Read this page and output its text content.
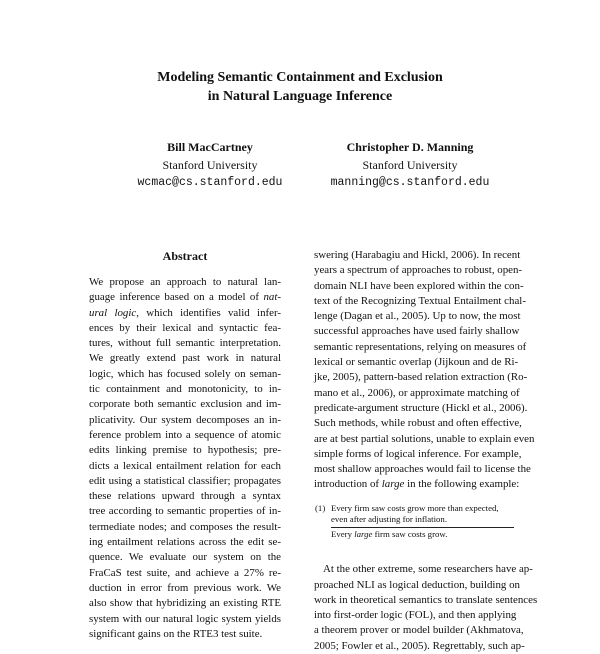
Modeling Semantic Containment and Exclusion
in Natural Language Inference
Bill MacCartney
Stanford University
wcmac@cs.stanford.edu
Christopher D. Manning
Stanford University
manning@cs.stanford.edu
Abstract
We propose an approach to natural lan-
guage inference based on a model of nat-
ural logic, which identifies valid infer-
ences by their lexical and syntactic fea-
tures, without full semantic interpretation.
We greatly extend past work in natural
logic, which has focused solely on seman-
tic containment and monotonicity, to in-
corporate both semantic exclusion and im-
plicativity. Our system decomposes an in-
ference problem into a sequence of atomic
edits linking premise to hypothesis; pre-
dicts a lexical entailment relation for each
edit using a statistical classifier; propagates
these relations upward through a syntax
tree according to semantic properties of in-
termediate nodes; and composes the result-
ing entailment relations across the edit se-
quence. We evaluate our system on the
FraCaS test suite, and achieve a 27% re-
duction in error from previous work. We
also show that hybridizing an existing RTE
system with our natural logic system yields
significant gains on the RTE3 test suite.
swering (Harabagiu and Hickl, 2006). In recent
years a spectrum of approaches to robust, open-
domain NLI have been explored within the con-
text of the Recognizing Textual Entailment chal-
lenge (Dagan et al., 2005). Up to now, the most
successful approaches have used fairly shallow
semantic representations, relying on measures of
lexical or semantic overlap (Jijkoun and de Ri-
jke, 2005), pattern-based relation extraction (Ro-
mano et al., 2006), or approximate matching of
predicate-argument structure (Hickl et al., 2006).
Such methods, while robust and often effective,
are at best partial solutions, unable to explain even
simple forms of logical inference. For example,
most shallow approaches would fail to license the
introduction of large in the following example:
(1) Every firm saw costs grow more than expected,
even after adjusting for inflation.
Every large firm saw costs grow.
At the other extreme, some researchers have ap-
proached NLI as logical deduction, building on
work in theoretical semantics to translate sentences
into first-order logic (FOL), and then applying
a theorem prover or model builder (Akhmatova,
2005; Fowler et al., 2005). Regrettably, such ap-
